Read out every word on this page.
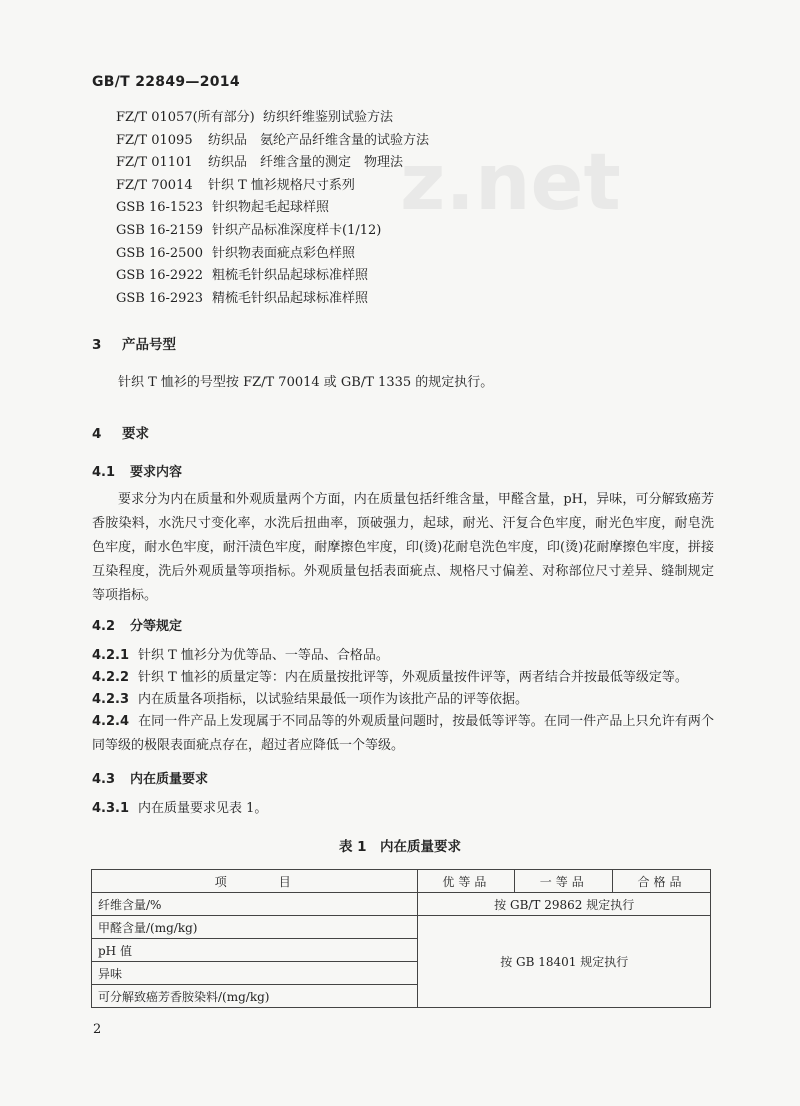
z.net
GB/T 22849—2014
FZ/T 01057(所有部分) 纺织纤维鉴别试验方法
FZ/T 01095 纺织品　氨纶产品纤维含量的试验方法
FZ/T 01101 纺织品　纤维含量的测定　物理法
FZ/T 70014 针织 T 恤衫规格尺寸系列
GSB 16-1523 针织物起毛起球样照
GSB 16-2159 针织产品标准深度样卡(1/12)
GSB 16-2500 针织物表面疵点彩色样照
GSB 16-2922 粗梳毛针织品起球标准样照
GSB 16-2923 精梳毛针织品起球标准样照
3 产品号型
针织 T 恤衫的号型按 FZ/T 70014 或 GB/T 1335 的规定执行。
4 要求
4.1 要求内容
要求分为内在质量和外观质量两个方面，内在质量包括纤维含量，甲醛含量，pH，异味，可分解致癌芳香胺染料，水洗尺寸变化率，水洗后扭曲率，顶破强力，起球，耐光、汗复合色牢度，耐光色牢度，耐皂洗色牢度，耐水色牢度，耐汗渍色牢度，耐摩擦色牢度，印(烫)花耐皂洗色牢度，印(烫)花耐摩擦色牢度，拼接互染程度，洗后外观质量等项指标。外观质量包括表面疵点、规格尺寸偏差、对称部位尺寸差异、缝制规定等项指标。
4.2 分等规定
4.2.1 针织 T 恤衫分为优等品、一等品、合格品。
4.2.2 针织 T 恤衫的质量定等：内在质量按批评等，外观质量按件评等，两者结合并按最低等级定等。
4.2.3 内在质量各项指标，以试验结果最低一项作为该批产品的评等依据。
4.2.4 在同一件产品上发现属于不同品等的外观质量问题时，按最低等评等。在同一件产品上只允许有两个同等级的极限表面疵点存在，超过者应降低一个等级。
4.3 内在质量要求
4.3.1 内在质量要求见表 1。
表 1　内在质量要求
项　　　目	优等品	一等品	合格品
纤维含量/%	按 GB/T 29862 规定执行		
甲醛含量/(mg/kg)	按 GB 18401 规定执行		
pH 值			
异味			
可分解致癌芳香胺染料/(mg/kg)			
2
